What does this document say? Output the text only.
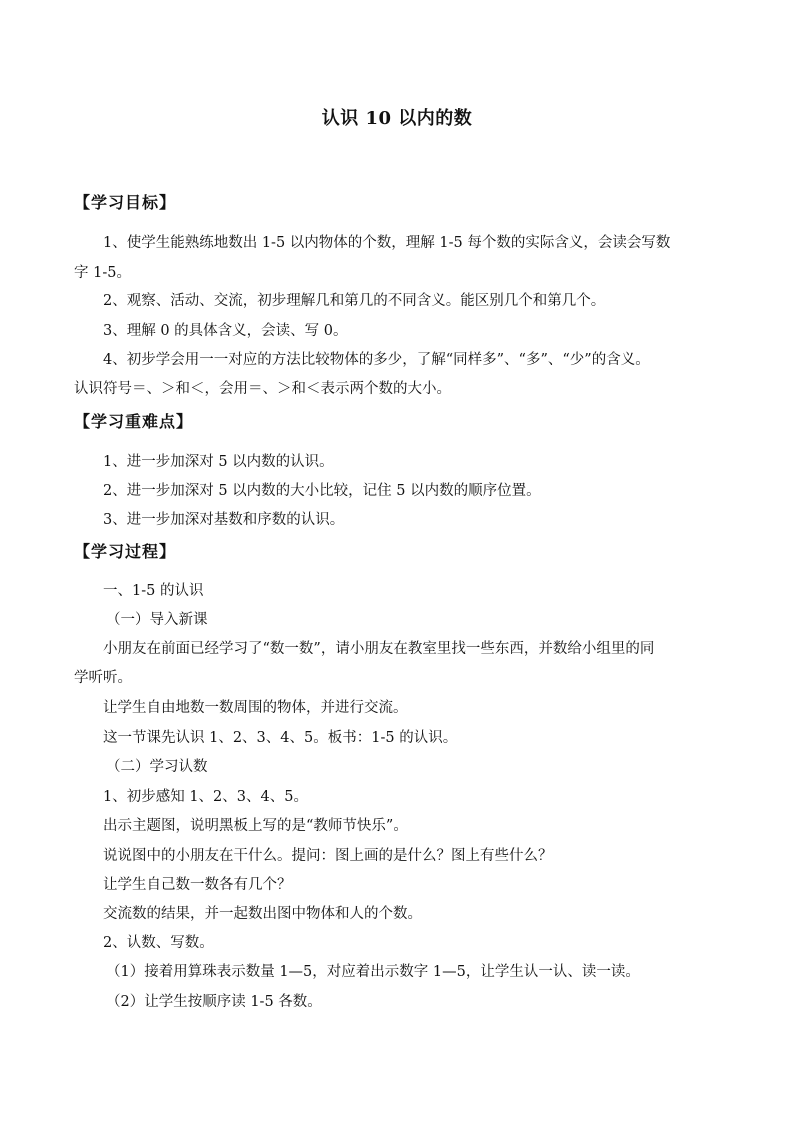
认识 10 以内的数
【学习目标】
1、使学生能熟练地数出 1-5 以内物体的个数，理解 1-5 每个数的实际含义，会读会写数
字 1-5。
2、观察、活动、交流，初步理解几和第几的不同含义。能区别几个和第几个。
3、理解 0 的具体含义，会读、写 0。
4、初步学会用一一对应的方法比较物体的多少，了解“同样多”、“多”、“少”的含义。
认识符号＝、＞和＜，会用＝、＞和＜表示两个数的大小。
【学习重难点】
1、进一步加深对 5 以内数的认识。
2、进一步加深对 5 以内数的大小比较，记住 5 以内数的顺序位置。
3、进一步加深对基数和序数的认识。
【学习过程】
一、1-5 的认识
（一）导入新课
小朋友在前面已经学习了“数一数”，请小朋友在教室里找一些东西，并数给小组里的同
学听听。
让学生自由地数一数周围的物体，并进行交流。
这一节课先认识 1、2、3、4、5。板书：1-5 的认识。
（二）学习认数
1、初步感知 1、2、3、4、5。
出示主题图，说明黑板上写的是“教师节快乐”。
说说图中的小朋友在干什么。提问：图上画的是什么？图上有些什么？
让学生自己数一数各有几个？
交流数的结果，并一起数出图中物体和人的个数。
2、认数、写数。
（1）接着用算珠表示数量 1—5，对应着出示数字 1—5，让学生认一认、读一读。
（2）让学生按顺序读 1-5 各数。
